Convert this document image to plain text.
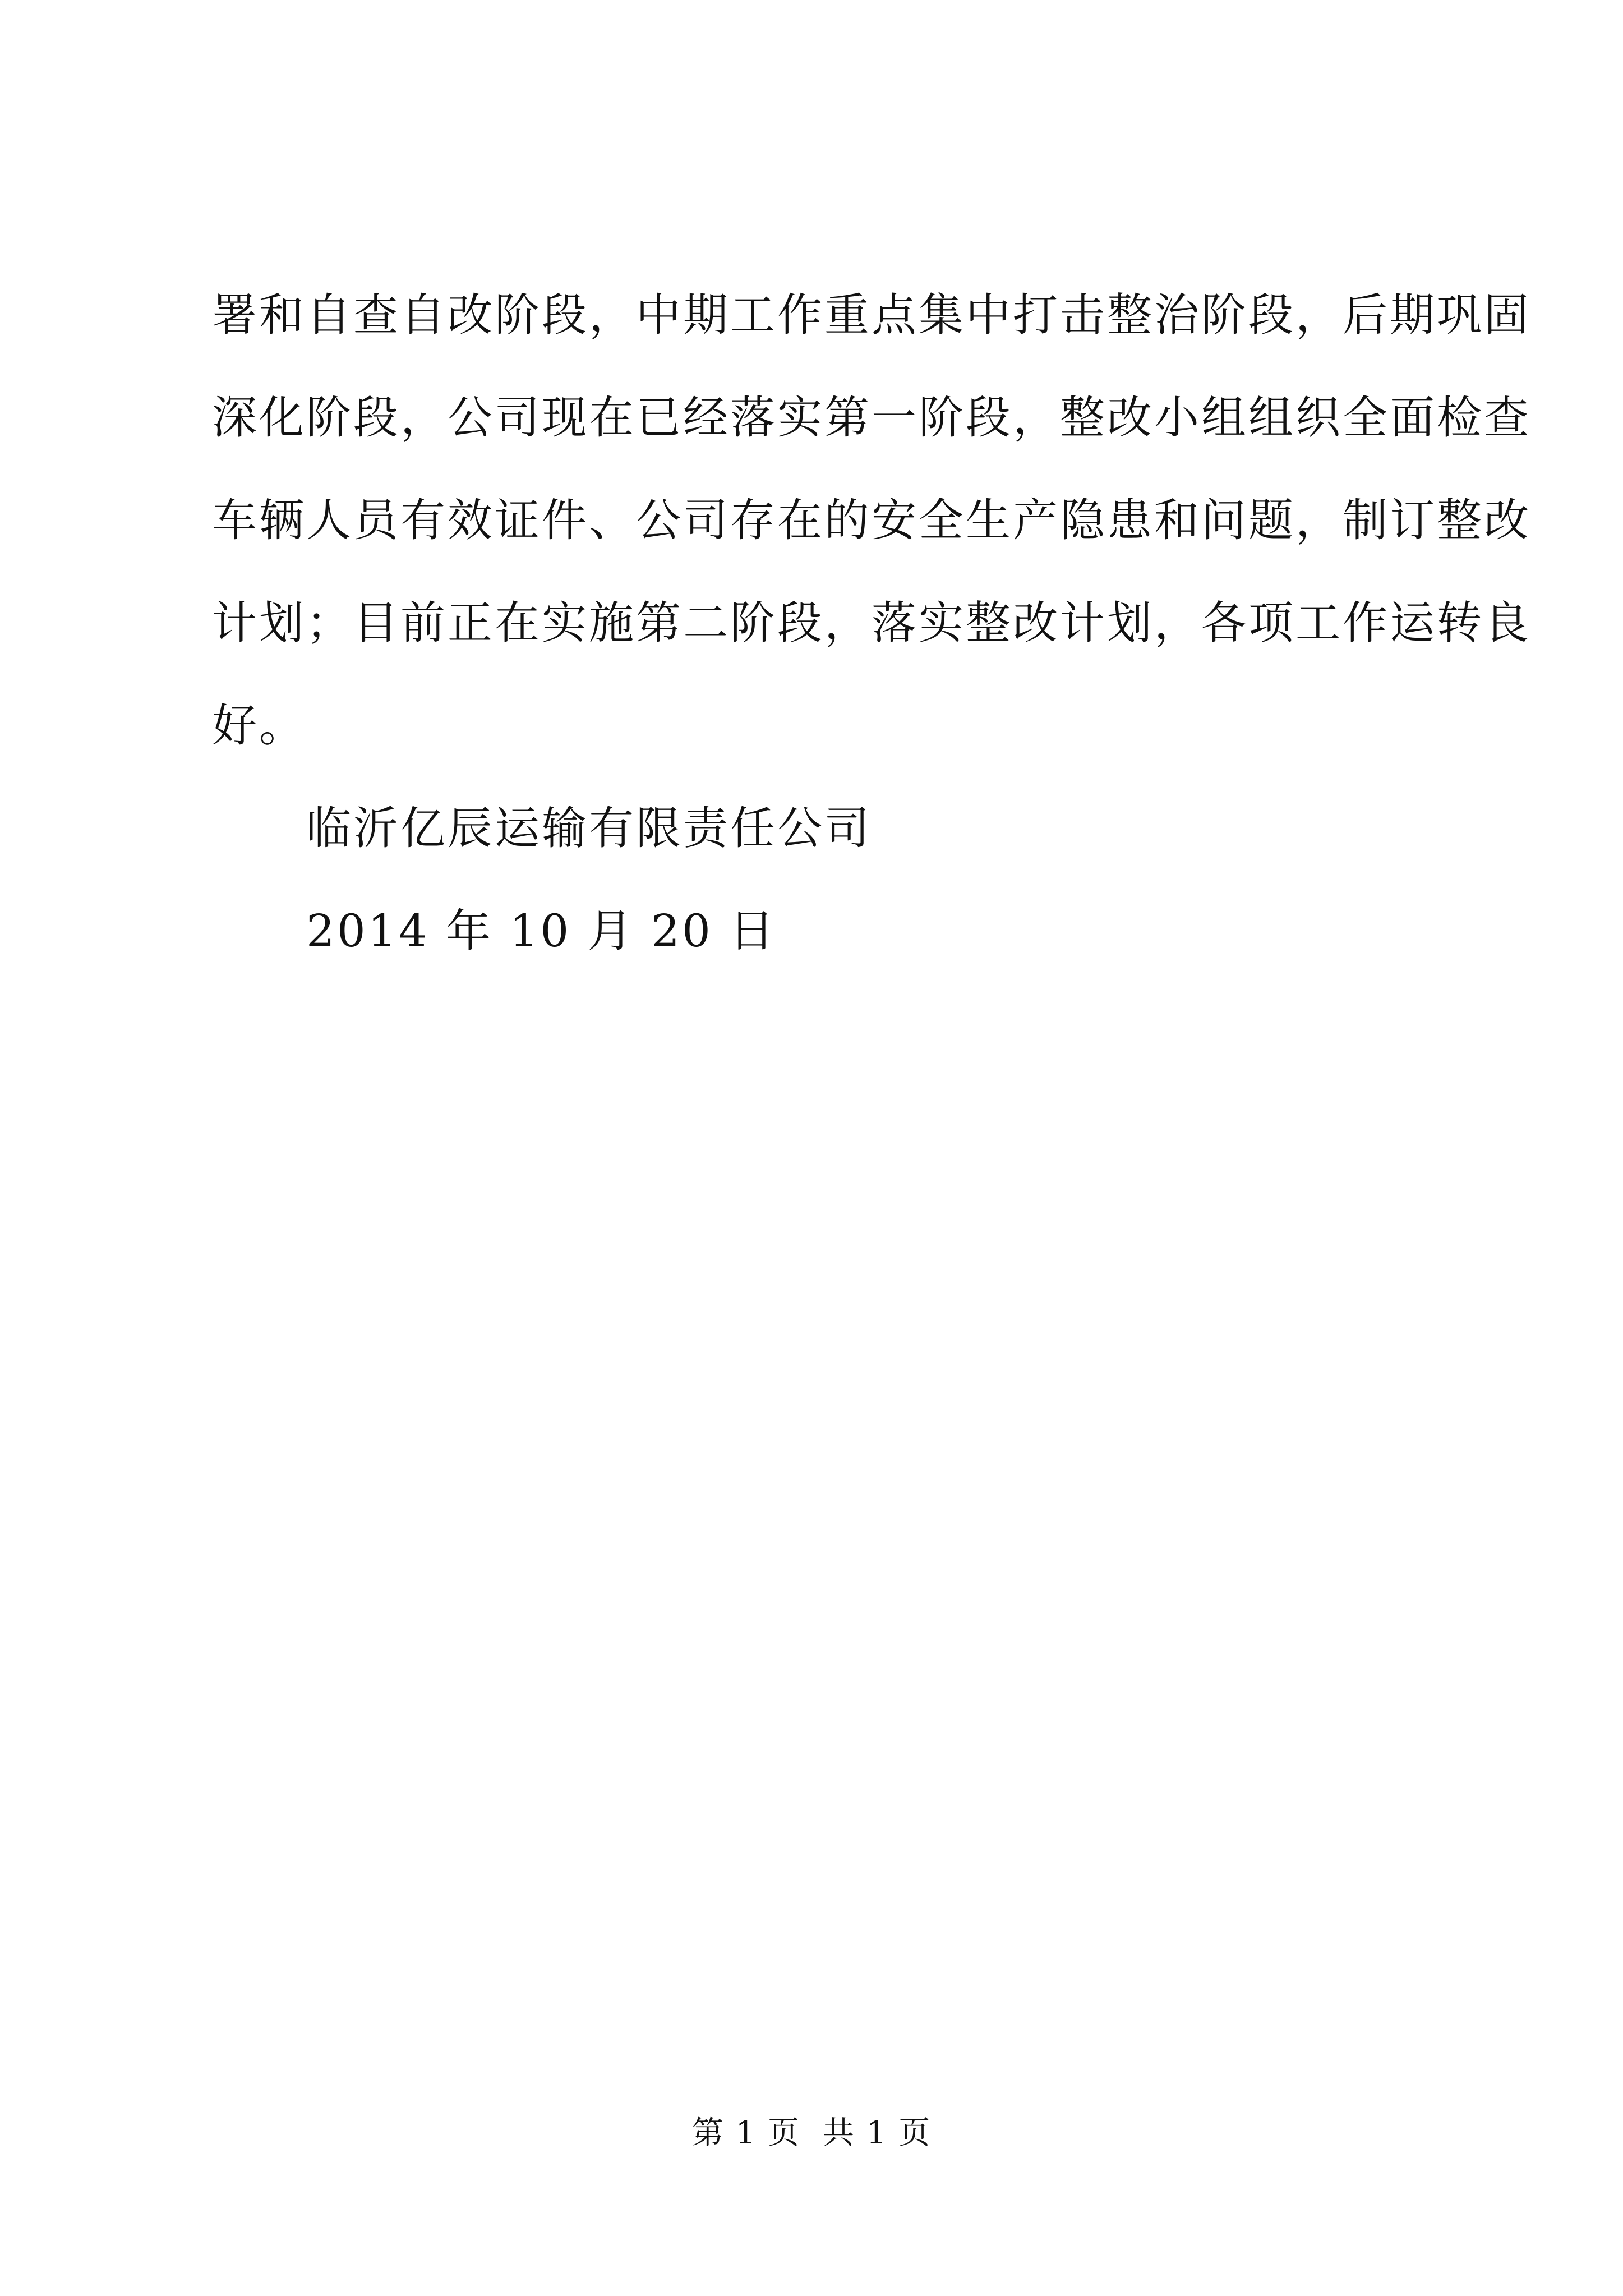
署和自查自改阶段，中期工作重点集中打击整治阶段，后期巩固
深化阶段，公司现在已经落实第一阶段，整改小组组织全面检查
车辆人员有效证件、公司存在的安全生产隐患和问题，制订整改
计划；目前正在实施第二阶段，落实整改计划，各项工作运转良
好。
临沂亿辰运输有限责任公司
2014 年 10 月 20 日
第 1 页 共 1 页
